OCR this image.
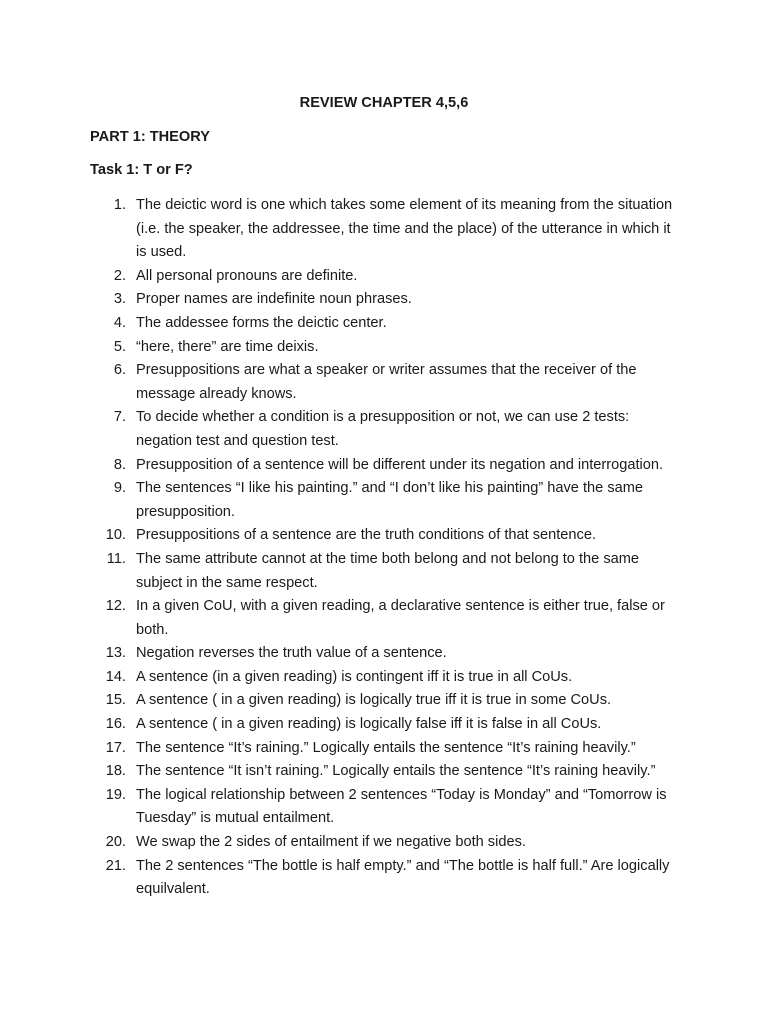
REVIEW CHAPTER 4,5,6
PART 1: THEORY
Task 1: T or F?
1. The deictic word is one which takes some element of its meaning from the situation (i.e. the speaker, the addressee, the time and the place) of the utterance in which it is used.
2. All personal pronouns are definite.
3. Proper names are indefinite noun phrases.
4. The addessee forms the deictic center.
5. “here, there” are time deixis.
6. Presuppositions are what a speaker or writer assumes that the receiver of the message already knows.
7. To decide whether a condition is a presupposition or not, we can use 2 tests: negation test and question test.
8. Presupposition of a sentence will be different under its negation and interrogation.
9. The sentences “I like his painting.” and “I don’t like his painting” have the same presupposition.
10. Presuppositions of a sentence are the truth conditions of that sentence.
11. The same attribute cannot at the time both belong and not belong to the same subject in the same respect.
12. In a given CoU, with a given reading, a declarative sentence is either true, false or both.
13. Negation reverses the truth value of a sentence.
14. A sentence (in a given reading) is contingent iff it is true in all CoUs.
15. A sentence ( in a given reading) is logically true iff it is true in some CoUs.
16. A sentence ( in a given reading) is logically false iff it is false in all CoUs.
17. The sentence “It’s raining.” Logically entails the sentence “It’s raining heavily.”
18. The sentence “It isn’t raining.” Logically entails the sentence “It’s raining heavily.”
19. The logical relationship between 2 sentences “Today is Monday” and “Tomorrow is Tuesday” is mutual entailment.
20. We swap the 2 sides of entailment if we negative both sides.
21. The 2 sentences “The bottle is half empty.” and “The bottle is half full.” Are logically equilvalent.
